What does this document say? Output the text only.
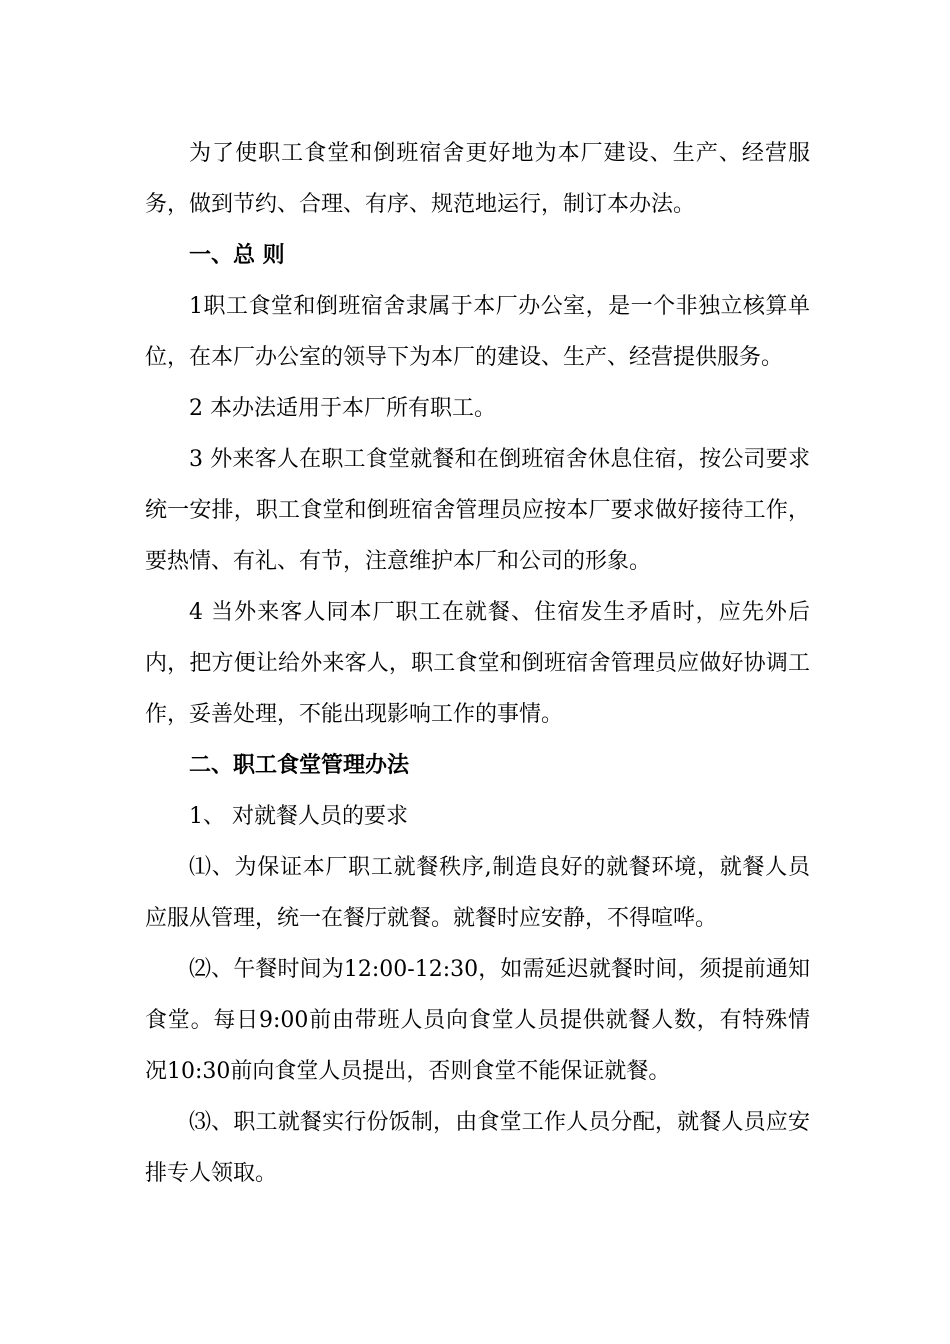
为了使职工食堂和倒班宿舍更好地为本厂建设、生产、经营服务，做到节约、合理、有序、规范地运行，制订本办法。

一、总 则

1职工食堂和倒班宿舍隶属于本厂办公室，是一个非独立核算单位，在本厂办公室的领导下为本厂的建设、生产、经营提供服务。

2 本办法适用于本厂所有职工。

3 外来客人在职工食堂就餐和在倒班宿舍休息住宿，按公司要求统一安排，职工食堂和倒班宿舍管理员应按本厂要求做好接待工作，要热情、有礼、有节，注意维护本厂和公司的形象。

4 当外来客人同本厂职工在就餐、住宿发生矛盾时，应先外后内，把方便让给外来客人，职工食堂和倒班宿舍管理员应做好协调工作，妥善处理，不能出现影响工作的事情。

二、职工食堂管理办法

1、 对就餐人员的要求

⑴、为保证本厂职工就餐秩序,制造良好的就餐环境，就餐人员应服从管理，统一在餐厅就餐。就餐时应安静，不得喧哗。

⑵、午餐时间为12:00-12:30，如需延迟就餐时间，须提前通知食堂。每日9:00前由带班人员向食堂人员提供就餐人数，有特殊情况10:30前向食堂人员提出，否则食堂不能保证就餐。

⑶、职工就餐实行份饭制，由食堂工作人员分配，就餐人员应安排专人领取。
